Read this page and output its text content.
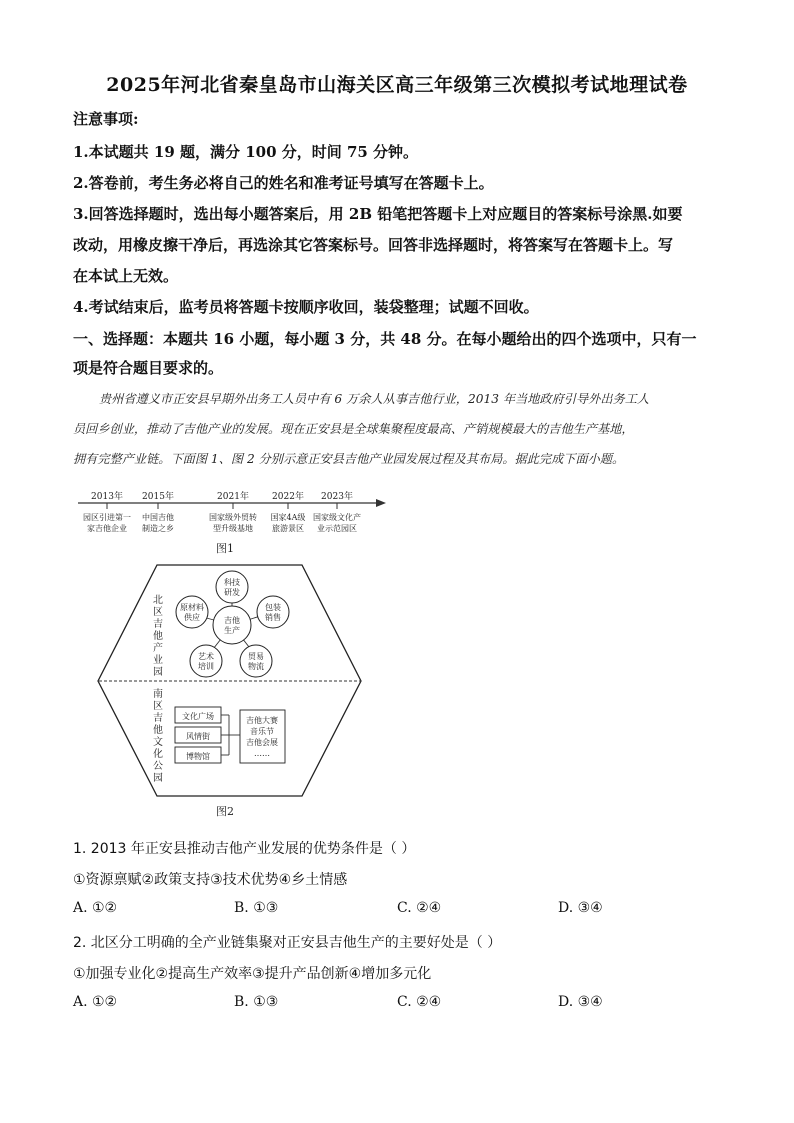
2025年河北省秦皇岛市山海关区高三年级第三次模拟考试地理试卷
注意事项:
1.本试题共 19 题，满分 100 分，时间 75 分钟。
2.答卷前，考生务必将自己的姓名和准考证号填写在答题卡上。
3.回答选择题时，选出每小题答案后，用 2B 铅笔把答题卡上对应题目的答案标号涂黑.如要
改动，用橡皮擦干净后，再选涂其它答案标号。回答非选择题时，将答案写在答题卡上。写
在本试上无效。
4.考试结束后，监考员将答题卡按顺序收回，装袋整理；试题不回收。
一、选择题：本题共 16 小题，每小题 3 分，共 48 分。在每小题给出的四个选项中，只有一
项是符合题目要求的。
贵州省遵义市正安县早期外出务工人员中有 6 万余人从事吉他行业，2013 年当地政府引导外出务工人
员回乡创业，推动了吉他产业的发展。现在正安县是全球集聚程度最高、产销规模最大的吉他生产基地，
拥有完整产业链。下面图 1、图 2 分别示意正安县吉他产业园发展过程及其布局。据此完成下面小题。
2013年
园区引进第一
家吉他企业
2015年
中国吉他
制造之乡
2021年
国家级外贸转
型升级基地
2022年
国家4A级
旅游景区
2023年
国家级文化产
业示范园区
图1
北
区
吉
他
产
业
园
吉他
生产
科技
研发
包装
销售
贸易
物流
艺术
培训
原材料
供应
南
区
吉
他
文
化
公
园
文化广场
风情街
博物馆
吉他大赛
音乐节
吉他会展
……
图2
1. 2013 年正安县推动吉他产业发展的优势条件是（ ）
①资源禀赋②政策支持③技术优势④乡土情感
A. ①②	B. ①③	C. ②④	D. ③④
2. 北区分工明确的全产业链集聚对正安县吉他生产的主要好处是（ ）
①加强专业化②提高生产效率③提升产品创新④增加多元化
A. ①②	B. ①③	C. ②④	D. ③④
